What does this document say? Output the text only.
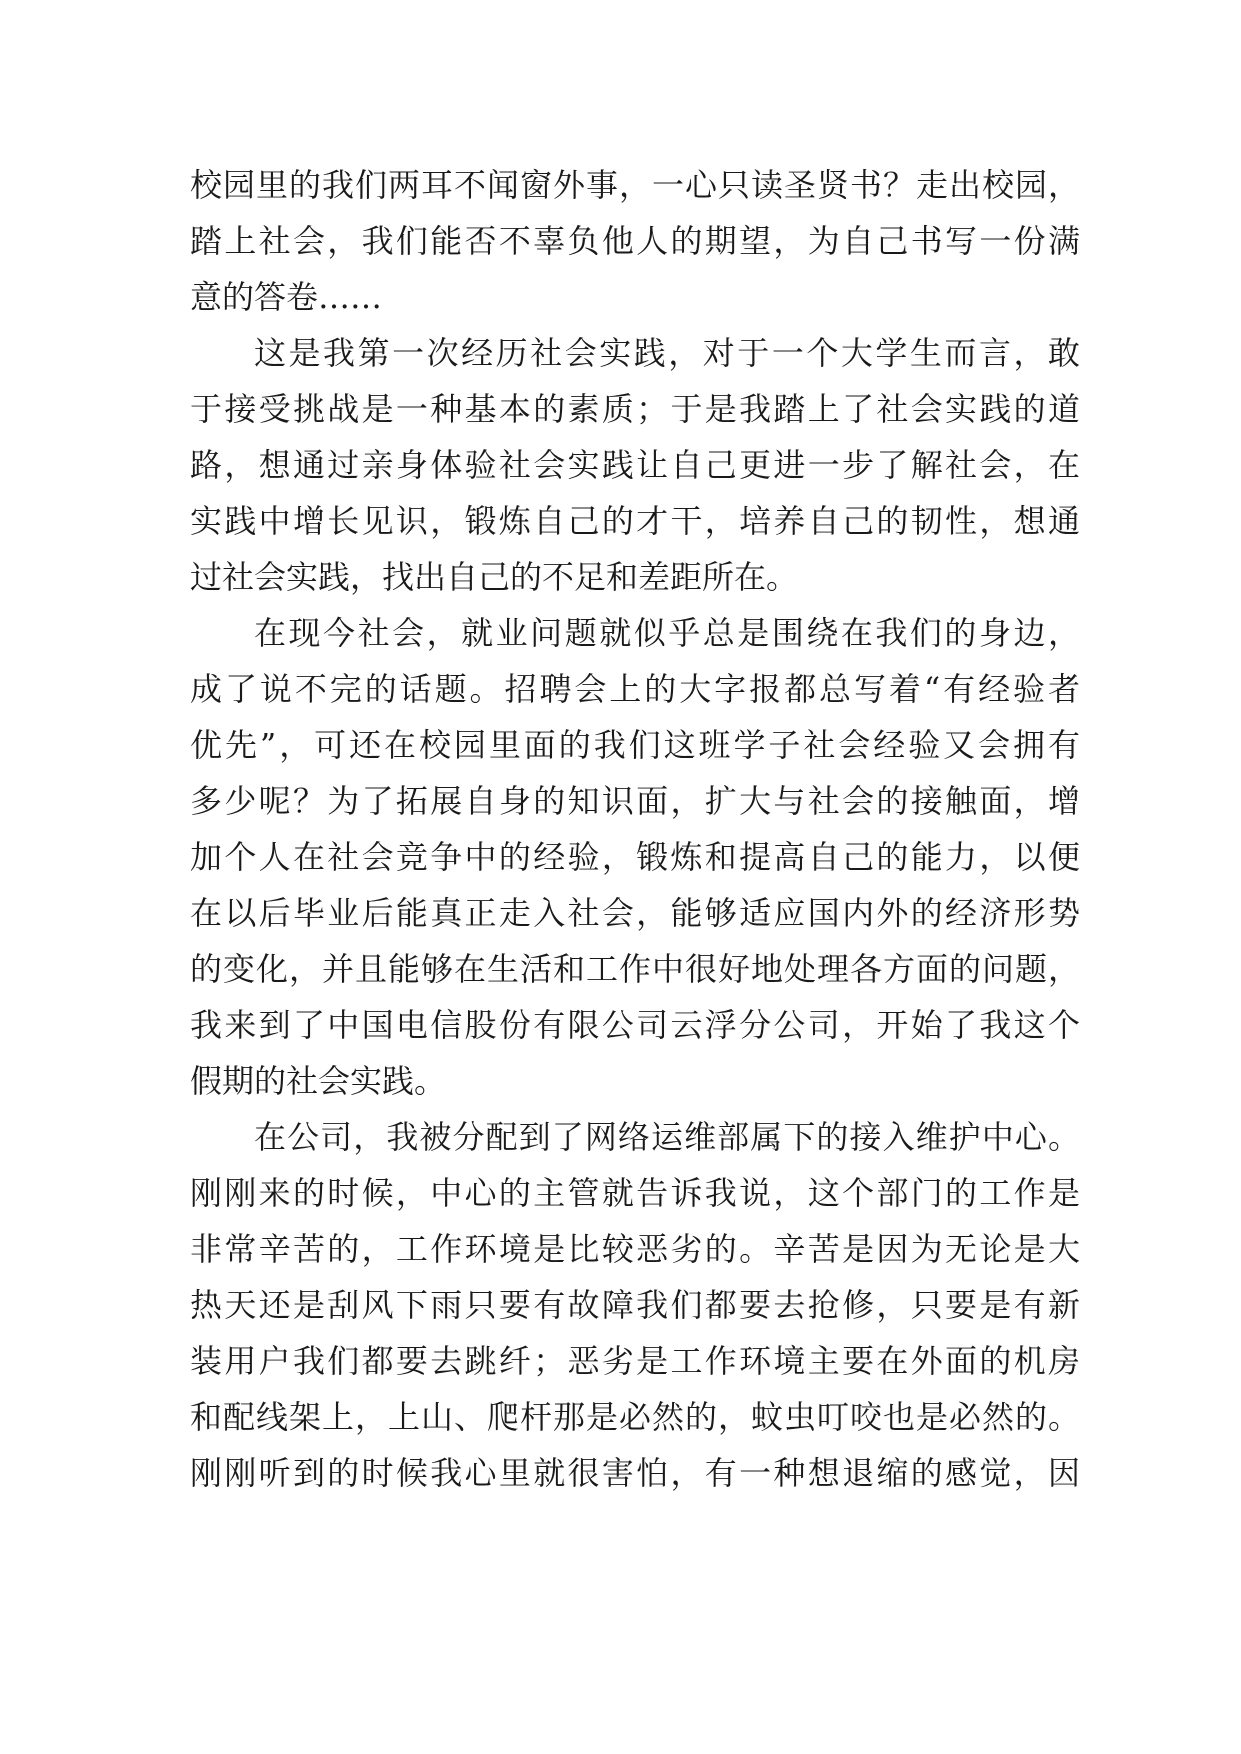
校园里的我们两耳不闻窗外事，一心只读圣贤书？走出校园，
踏上社会，我们能否不辜负他人的期望，为自己书写一份满
意的答卷……
这是我第一次经历社会实践，对于一个大学生而言，敢
于接受挑战是一种基本的素质；于是我踏上了社会实践的道
路，想通过亲身体验社会实践让自己更进一步了解社会，在
实践中增长见识，锻炼自己的才干，培养自己的韧性，想通
过社会实践，找出自己的不足和差距所在。
在现今社会，就业问题就似乎总是围绕在我们的身边，
成了说不完的话题。招聘会上的大字报都总写着“有经验者
优先”，可还在校园里面的我们这班学子社会经验又会拥有
多少呢？为了拓展自身的知识面，扩大与社会的接触面，增
加个人在社会竞争中的经验，锻炼和提高自己的能力，以便
在以后毕业后能真正走入社会，能够适应国内外的经济形势
的变化，并且能够在生活和工作中很好地处理各方面的问题，
我来到了中国电信股份有限公司云浮分公司，开始了我这个
假期的社会实践。
在公司，我被分配到了网络运维部属下的接入维护中心。
刚刚来的时候，中心的主管就告诉我说，这个部门的工作是
非常辛苦的，工作环境是比较恶劣的。辛苦是因为无论是大
热天还是刮风下雨只要有故障我们都要去抢修，只要是有新
装用户我们都要去跳纤；恶劣是工作环境主要在外面的机房
和配线架上，上山、爬杆那是必然的，蚊虫叮咬也是必然的。
刚刚听到的时候我心里就很害怕，有一种想退缩的感觉，因
